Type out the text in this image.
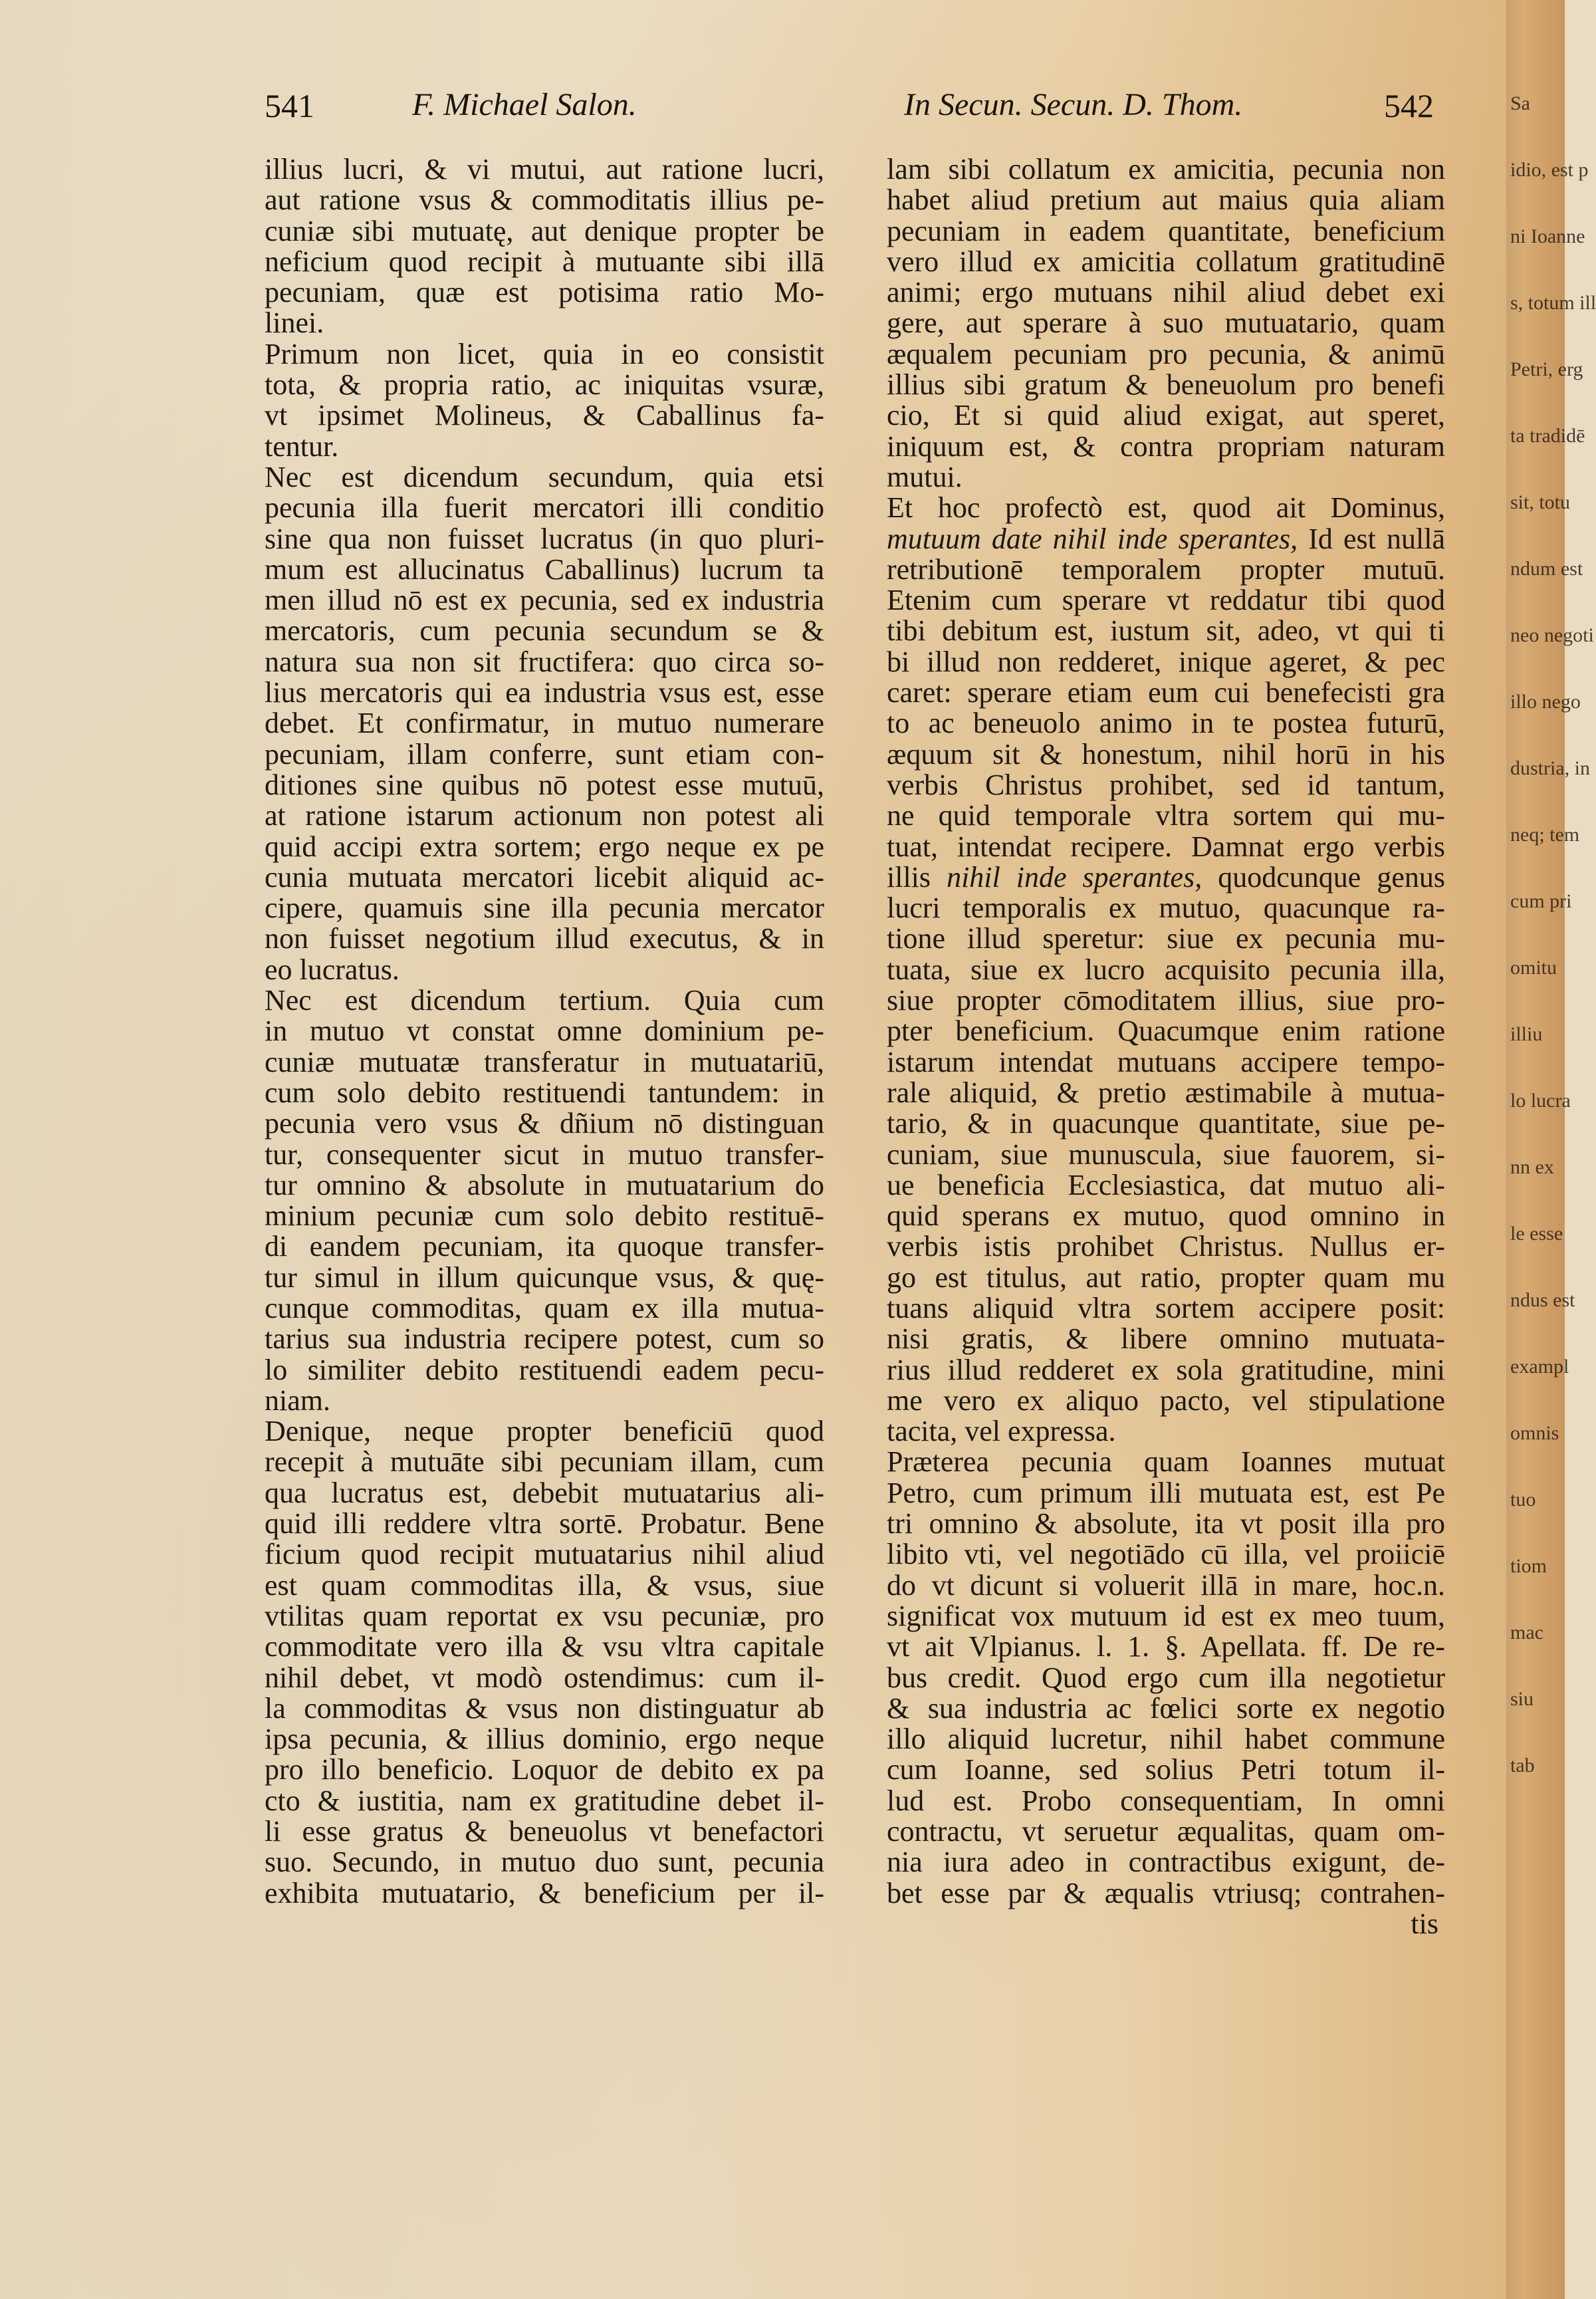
541	F. Michael Salon.	In Secun. Secun. D. Thom.	542
illius lucri, & vi mutui, aut ratione lucri,
aut ratione vsus & commoditatis illius pe-
cuniæ sibi mutuatę, aut denique propter be
neficium quod recipit à mutuante sibi illā
pecuniam, quæ est potisima ratio Mo-
linei.
Primum non licet, quia in eo consistit
tota, & propria ratio, ac iniquitas vsuræ,
vt ipsimet Molineus, & Caballinus fa-
tentur.
Nec est dicendum secundum, quia etsi
pecunia illa fuerit mercatori illi conditio
sine qua non fuisset lucratus (in quo pluri-
mum est allucinatus Caballinus) lucrum ta
men illud nō est ex pecunia, sed ex industria
mercatoris, cum pecunia secundum se &
natura sua non sit fructifera: quo circa so-
lius mercatoris qui ea industria vsus est, esse
debet. Et confirmatur, in mutuo numerare
pecuniam, illam conferre, sunt etiam con-
ditiones sine quibus nō potest esse mutuū,
at ratione istarum actionum non potest ali
quid accipi extra sortem; ergo neque ex pe
cunia mutuata mercatori licebit aliquid ac-
cipere, quamuis sine illa pecunia mercator
non fuisset negotium illud executus, & in
eo lucratus.
Nec est dicendum tertium. Quia cum
in mutuo vt constat omne dominium pe-
cuniæ mutuatæ transferatur in mutuatariū,
cum solo debito restituendi tantundem: in
pecunia vero vsus & dñium nō distinguan
tur, consequenter sicut in mutuo transfer-
tur omnino & absolute in mutuatarium do
minium pecuniæ cum solo debito restituē-
di eandem pecuniam, ita quoque transfer-
tur simul in illum quicunque vsus, & quę-
cunque commoditas, quam ex illa mutua-
tarius sua industria recipere potest, cum so
lo similiter debito restituendi eadem pecu-
niam.
Denique, neque propter beneficiū quod
recepit à mutuāte sibi pecuniam illam, cum
qua lucratus est, debebit mutuatarius ali-
quid illi reddere vltra sortē. Probatur. Bene
ficium quod recipit mutuatarius nihil aliud
est quam commoditas illa, & vsus, siue
vtilitas quam reportat ex vsu pecuniæ, pro
commoditate vero illa & vsu vltra capitale
nihil debet, vt modò ostendimus: cum il-
la commoditas & vsus non distinguatur ab
ipsa pecunia, & illius dominio, ergo neque
pro illo beneficio. Loquor de debito ex pa
cto & iustitia, nam ex gratitudine debet il-
li esse gratus & beneuolus vt benefactori
suo. Secundo, in mutuo duo sunt, pecunia
exhibita mutuatario, & beneficium per il-
lam sibi collatum ex amicitia, pecunia non
habet aliud pretium aut maius quia aliam
pecuniam in eadem quantitate, beneficium
vero illud ex amicitia collatum gratitudinē
animi; ergo mutuans nihil aliud debet exi
gere, aut sperare à suo mutuatario, quam
æqualem pecuniam pro pecunia, & animū
illius sibi gratum & beneuolum pro benefi
cio, Et si quid aliud exigat, aut speret,
iniquum est, & contra propriam naturam
mutui.
Et hoc profectò est, quod ait Dominus,
mutuum date nihil inde sperantes, Id est nullā
retributionē temporalem propter mutuū.
Etenim cum sperare vt reddatur tibi quod
tibi debitum est, iustum sit, adeo, vt qui ti
bi illud non redderet, inique ageret, & pec
caret: sperare etiam eum cui benefecisti gra
to ac beneuolo animo in te postea futurū,
æquum sit & honestum, nihil horū in his
verbis Christus prohibet, sed id tantum,
ne quid temporale vltra sortem qui mu-
tuat, intendat recipere. Damnat ergo verbis
illis nihil inde sperantes, quodcunque genus
lucri temporalis ex mutuo, quacunque ra-
tione illud speretur: siue ex pecunia mu-
tuata, siue ex lucro acquisito pecunia illa,
siue propter cōmoditatem illius, siue pro-
pter beneficium. Quacumque enim ratione
istarum intendat mutuans accipere tempo-
rale aliquid, & pretio æstimabile à mutua-
tario, & in quacunque quantitate, siue pe-
cuniam, siue munuscula, siue fauorem, si-
ue beneficia Ecclesiastica, dat mutuo ali-
quid sperans ex mutuo, quod omnino in
verbis istis prohibet Christus. Nullus er-
go est titulus, aut ratio, propter quam mu
tuans aliquid vltra sortem accipere posit:
nisi gratis, & libere omnino mutuata-
rius illud redderet ex sola gratitudine, mini
me vero ex aliquo pacto, vel stipulatione
tacita, vel expressa.
Præterea pecunia quam Ioannes mutuat
Petro, cum primum illi mutuata est, est Pe
tri omnino & absolute, ita vt posit illa pro
libito vti, vel negotiādo cū illa, vel proiiciē
do vt dicunt si voluerit illā in mare, hoc.n.
significat vox mutuum id est ex meo tuum,
vt ait Vlpianus. l. 1. §. Apellata. ff. De re-
bus credit. Quod ergo cum illa negotietur
& sua industria ac fœlici sorte ex negotio
illo aliquid lucretur, nihil habet commune
cum Ioanne, sed solius Petri totum il-
lud est. Probo consequentiam, In omni
contractu, vt seruetur æqualitas, quam om-
nia iura adeo in contractibus exigunt, de-
bet esse par & æqualis vtriusq; contrahen-
tis
Sa
idio, est p
ni Ioanne
s, totum ill
Petri, erg
ta tradidē
sit, totu
ndum est
neo negoti
illo nego
dustria, in
neq; tem
cum pri
omitu
illiu
lo lucra
nn ex
le esse
ndus est
exampl
omnis
tuo
tiom
mac
siu
tab
